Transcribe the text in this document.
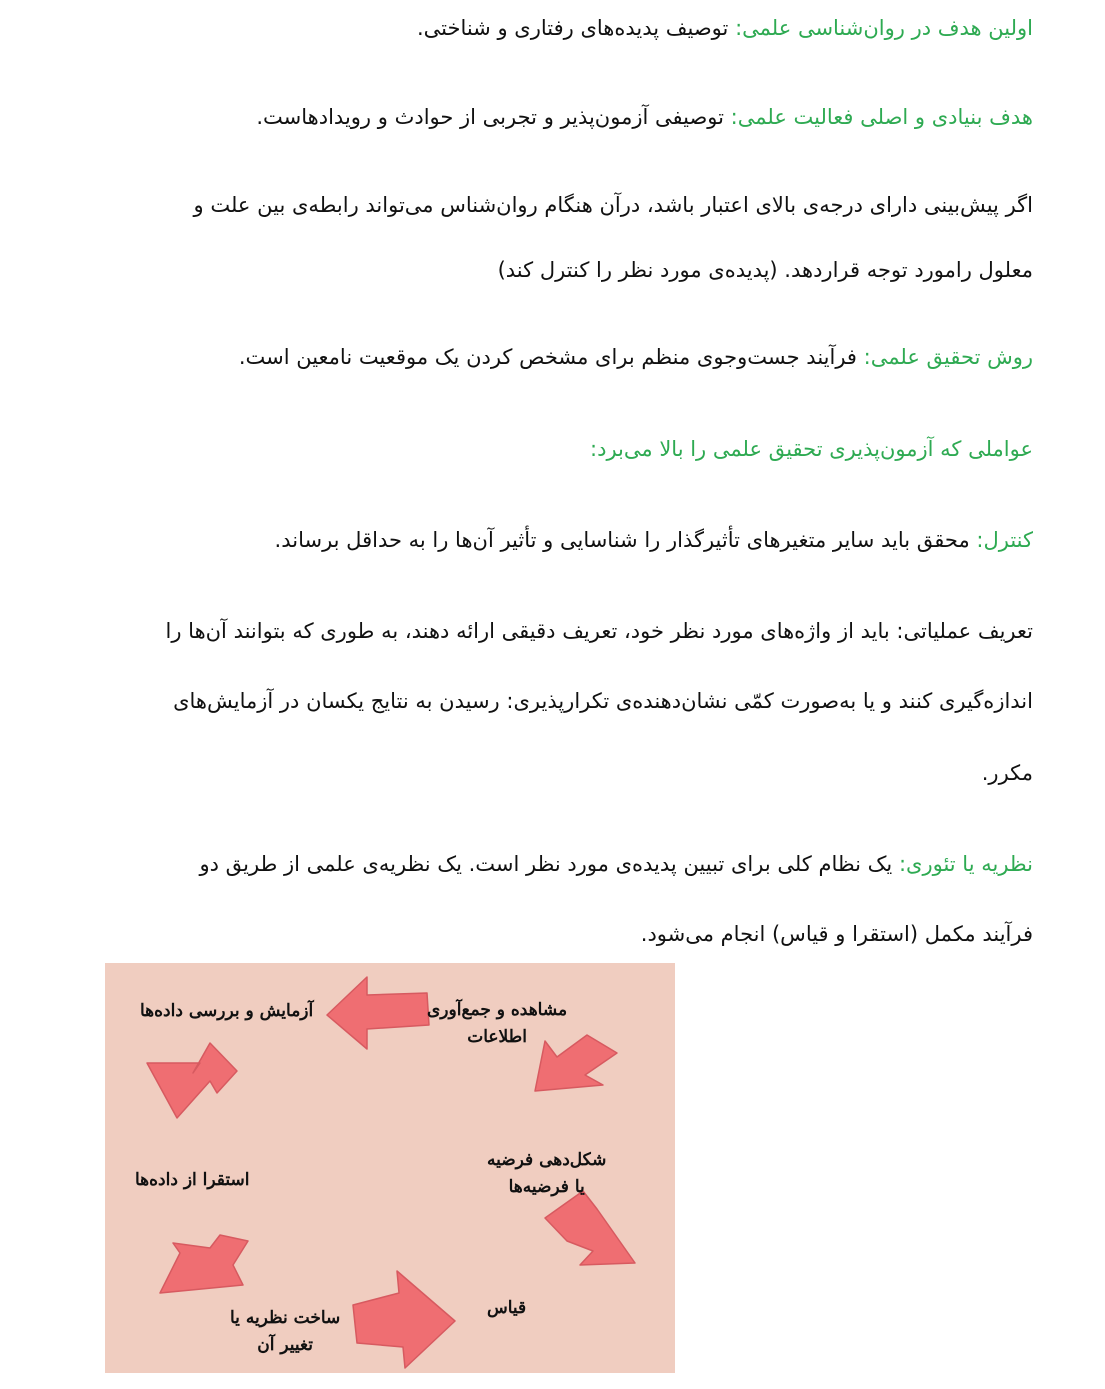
اولین هدف در روان‌شناسی علمی: توصیف پدیده‌های رفتاری و شناختی.
هدف بنیادی و اصلی فعالیت علمی: توصیفی آزمون‌پذیر و تجربی از حوادث و رویدادهاست.
اگر پیش‌بینی دارای درجه‌ی بالای اعتبار باشد، درآن هنگام روان‌شناس می‌تواند رابطه‌ی بین علت و
معلول رامورد توجه قراردهد. (پدیده‌ی مورد نظر را کنترل کند)
روش تحقیق علمی: فرآیند جست‌وجوی منظم برای مشخص کردن یک موقعیت نامعین است.
عواملی که آزمون‌پذیری تحقیق علمی را بالا می‌برد:
کنترل: محقق باید سایر متغیرهای تأثیرگذار را شناسایی و تأثیر آن‌ها را به حداقل برساند.
تعریف عملیاتی: باید از واژه‌های مورد نظر خود، تعریف دقیقی ارائه دهند، به طوری که بتوانند آن‌ها را
اندازه‌گیری کنند و یا به‌صورت کمّی نشان‌دهنده‌ی تکرارپذیری: رسیدن به نتایج یکسان در آزمایش‌های
مکرر.
نظریه یا تئوری: یک نظام کلی برای تبیین پدیده‌ی مورد نظر است. یک نظریه‌ی علمی از طریق دو
فرآیند مکمل (استقرا و قیاس) انجام می‌شود.
مشاهده و جمع‌آوری
اطلاعات
آزمایش و بررسی داده‌ها
استقرا از داده‌ها
ساخت نظریه یا
تغییر آن
قیاس
شکل‌دهی فرضیه
یا فرضیه‌ها
